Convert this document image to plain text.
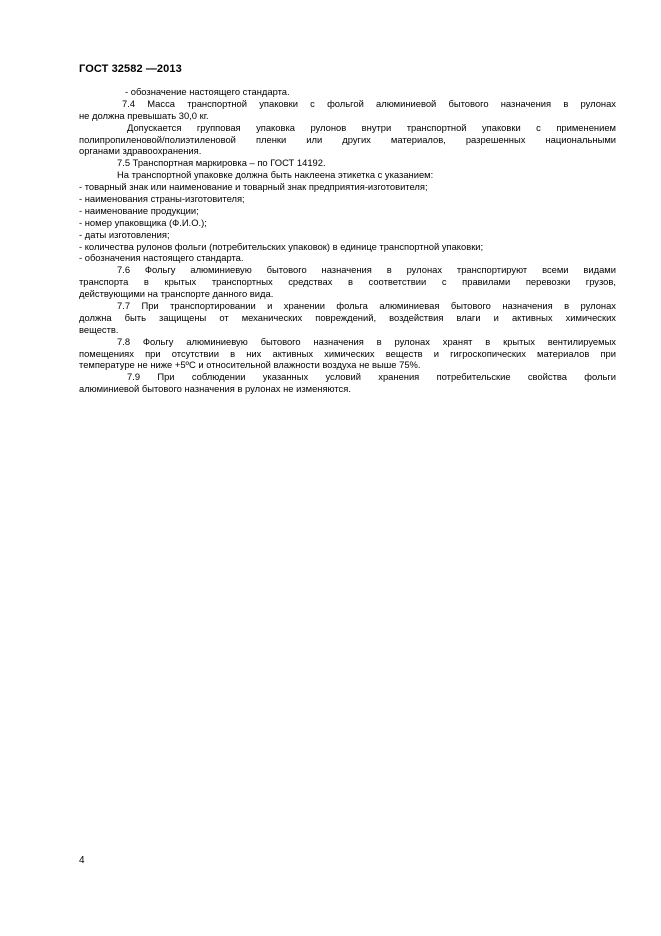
ГОСТ 32582 —2013
- обозначение настоящего стандарта.
7.4 Масса транспортной упаковки с фольгой алюминиевой бытового назначения в рулонах
не должна превышать 30,0 кг.
Допускается групповая упаковка рулонов внутри транспортной упаковки с применением
полипропиленовой/полиэтиленовой пленки или других материалов, разрешенных национальными
органами здравоохранения.
7.5 Транспортная маркировка – по ГОСТ 14192.
На транспортной упаковке должна быть наклеена этикетка с указанием:
- товарный знак или наименование и товарный знак предприятия-изготовителя;
- наименования страны-изготовителя;
- наименование продукции;
- номер упаковщика (Ф.И.О.);
- даты изготовления;
- количества рулонов фольги (потребительских упаковок) в единице транспортной упаковки;
- обозначения настоящего стандарта.
7.6 Фольгу алюминиевую бытового назначения в рулонах транспортируют всеми видами
транспорта в крытых транспортных средствах в соответствии с правилами перевозки грузов,
действующими на транспорте данного вида.
7.7 При транспортировании и хранении фольга алюминиевая бытового назначения в рулонах
должна быть защищены от механических повреждений, воздействия влаги и активных химических
веществ.
7.8 Фольгу алюминиевую бытового назначения в рулонах хранят в крытых вентилируемых
помещениях при отсутствии в них активных химических веществ и гигроскопических материалов при
температуре не ниже +5ºС и относительной влажности воздуха не выше 75%.
7.9 При соблюдении указанных условий хранения потребительские свойства фольги
алюминиевой бытового назначения в рулонах не изменяются.
4
